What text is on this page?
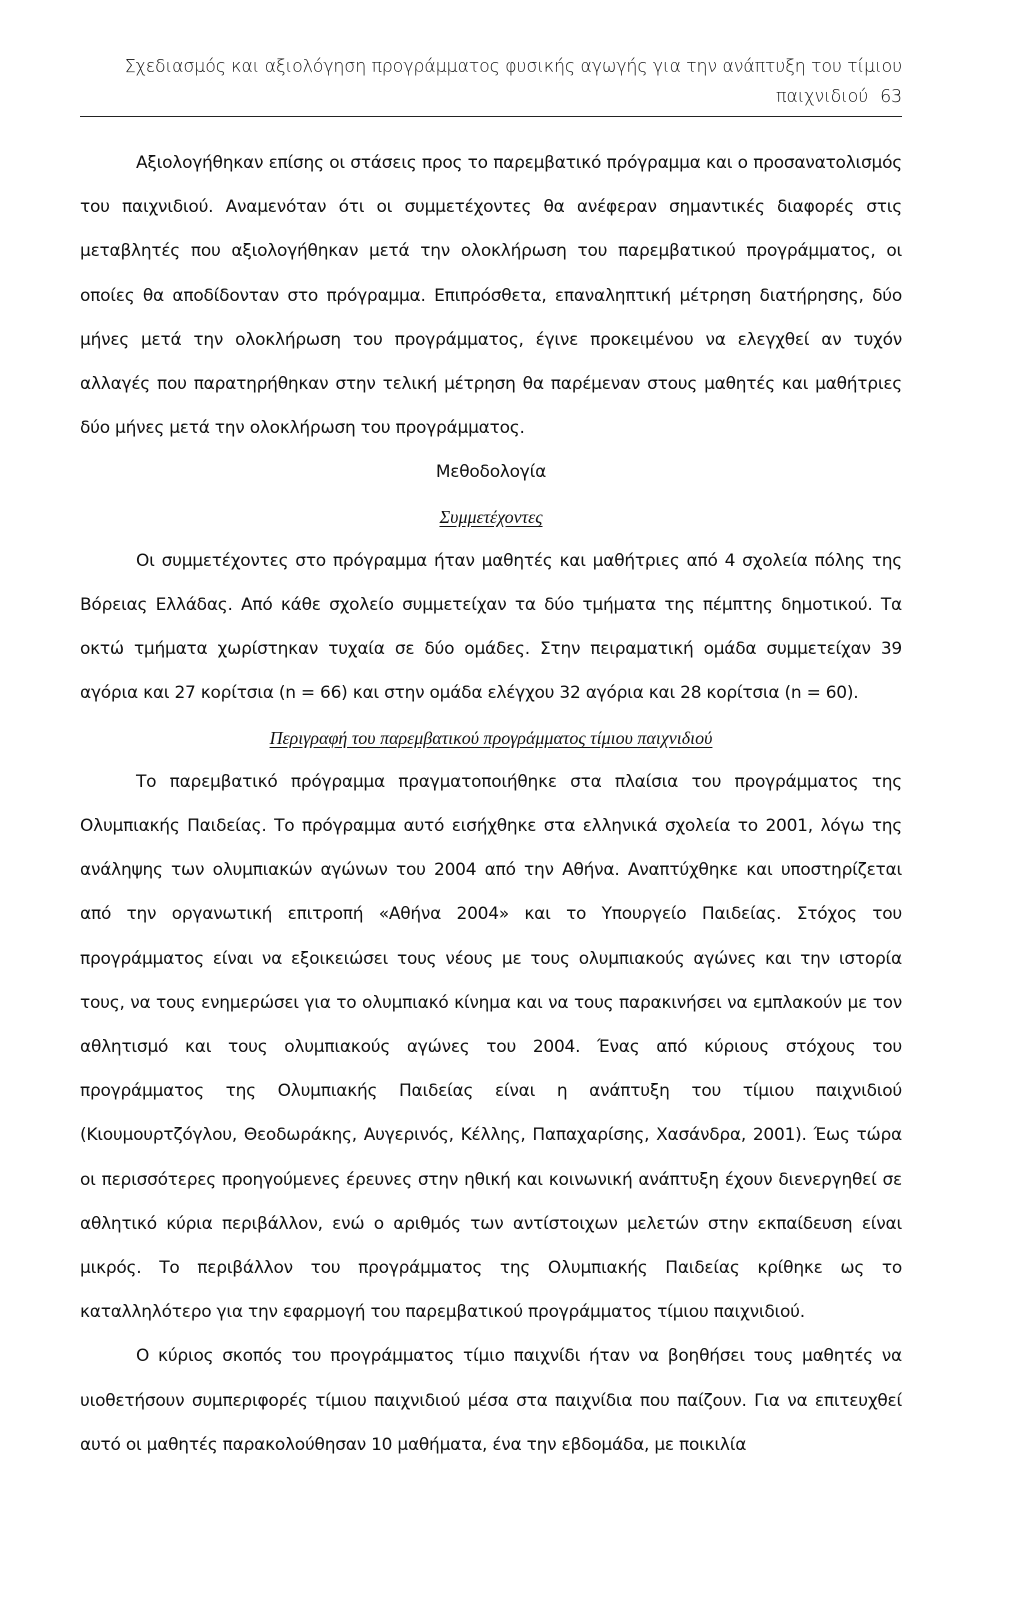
Σχεδιασμός και αξιολόγηση προγράμματος φυσικής αγωγής για την ανάπτυξη του τίμιου παιχνιδιού 63

Αξιολογήθηκαν επίσης οι στάσεις προς το παρεμβατικό πρόγραμμα και ο προσανατολισμός του παιχνιδιού. Αναμενόταν ότι οι συμμετέχοντες θα ανέφεραν σημαντικές διαφορές στις μεταβλητές που αξιολογήθηκαν μετά την ολοκλήρωση του παρεμβατικού προγράμματος, οι οποίες θα αποδίδονταν στο πρόγραμμα. Επιπρόσθετα, επαναληπτική μέτρηση διατήρησης, δύο μήνες μετά την ολοκλήρωση του προγράμματος, έγινε προκειμένου να ελεγχθεί αν τυχόν αλλαγές που παρατηρήθηκαν στην τελική μέτρηση θα παρέμεναν στους μαθητές και μαθήτριες δύο μήνες μετά την ολοκλήρωση του προγράμματος.

Μεθοδολογία
Συμμετέχοντες

Οι συμμετέχοντες στο πρόγραμμα ήταν μαθητές και μαθήτριες από 4 σχολεία πόλης της Βόρειας Ελλάδας. Από κάθε σχολείο συμμετείχαν τα δύο τμήματα της πέμπτης δημοτικού. Τα οκτώ τμήματα χωρίστηκαν τυχαία σε δύο ομάδες. Στην πειραματική ομάδα συμμετείχαν 39 αγόρια και 27 κορίτσια (n = 66) και στην ομάδα ελέγχου 32 αγόρια και 28 κορίτσια (n = 60).

Περιγραφή του παρεμβατικού προγράμματος τίμιου παιχνιδιού

Το παρεμβατικό πρόγραμμα πραγματοποιήθηκε στα πλαίσια του προγράμματος της Ολυμπιακής Παιδείας. Το πρόγραμμα αυτό εισήχθηκε στα ελληνικά σχολεία το 2001, λόγω της ανάληψης των ολυμπιακών αγώνων του 2004 από την Αθήνα. Αναπτύχθηκε και υποστηρίζεται από την οργανωτική επιτροπή «Αθήνα 2004» και το Υπουργείο Παιδείας. Στόχος του προγράμματος είναι να εξοικειώσει τους νέους με τους ολυμπιακούς αγώνες και την ιστορία τους, να τους ενημερώσει για το ολυμπιακό κίνημα και να τους παρακινήσει να εμπλακούν με τον αθλητισμό και τους ολυμπιακούς αγώνες του 2004. Ένας από κύριους στόχους του προγράμματος της Ολυμπιακής Παιδείας είναι η ανάπτυξη του τίμιου παιχνιδιού (Κιουμουρτζόγλου, Θεοδωράκης, Αυγερινός, Κέλλης, Παπαχαρίσης, Χασάνδρα, 2001). Έως τώρα οι περισσότερες προηγούμενες έρευνες στην ηθική και κοινωνική ανάπτυξη έχουν διενεργηθεί σε αθλητικό κύρια περιβάλλον, ενώ ο αριθμός των αντίστοιχων μελετών στην εκπαίδευση είναι μικρός. Το περιβάλλον του προγράμματος της Ολυμπιακής Παιδείας κρίθηκε ως το καταλληλότερο για την εφαρμογή του παρεμβατικού προγράμματος τίμιου παιχνιδιού.

Ο κύριος σκοπός του προγράμματος τίμιο παιχνίδι ήταν να βοηθήσει τους μαθητές να υιοθετήσουν συμπεριφορές τίμιου παιχνιδιού μέσα στα παιχνίδια που παίζουν. Για να επιτευχθεί αυτό οι μαθητές παρακολούθησαν 10 μαθήματα, ένα την εβδομάδα, με ποικιλία
